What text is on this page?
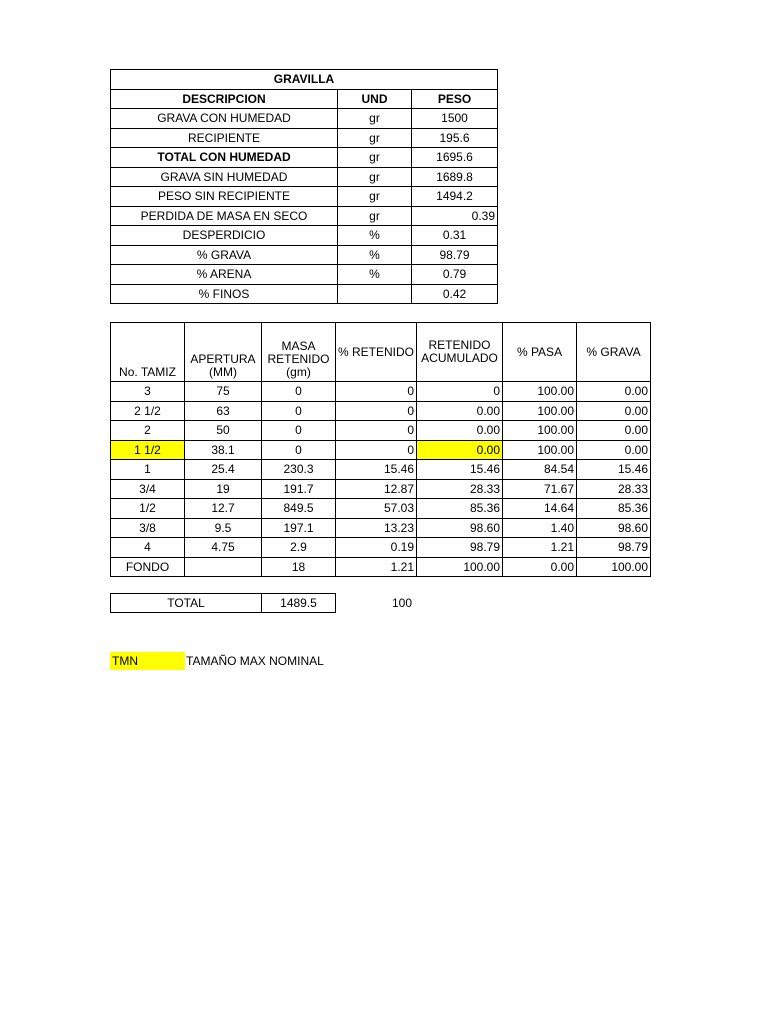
GRAVILLA		
DESCRIPCION	UND	PESO
GRAVA CON HUMEDAD	gr	1500
RECIPIENTE	gr	195.6
TOTAL CON HUMEDAD	gr	1695.6
GRAVA SIN HUMEDAD	gr	1689.8
PESO SIN RECIPIENTE	gr	1494.2
PERDIDA DE MASA EN SECO	gr	0.39
DESPERDICIO	%	0.31
% GRAVA	%	98.79
% ARENA	%	0.79
% FINOS		0.42
No. TAMIZ	APERTURA (MM)	MASA RETENIDO (gm)	% RETENIDO	RETENIDO ACUMULADO	% PASA	% GRAVA
3	75	0	0	0	100.00	0.00
2 1/2	63	0	0	0.00	100.00	0.00
2	50	0	0	0.00	100.00	0.00
1 1/2	38.1	0	0	0.00	100.00	0.00
1	25.4	230.3	15.46	15.46	84.54	15.46
3/4	19	191.7	12.87	28.33	71.67	28.33
1/2	12.7	849.5	57.03	85.36	14.64	85.36
3/8	9.5	197.1	13.23	98.60	1.40	98.60
4	4.75	2.9	0.19	98.79	1.21	98.79
FONDO		18	1.21	100.00	0.00	100.00
TOTAL	1489.5	100
TMN	TAMAÑO MAX NOMINAL
